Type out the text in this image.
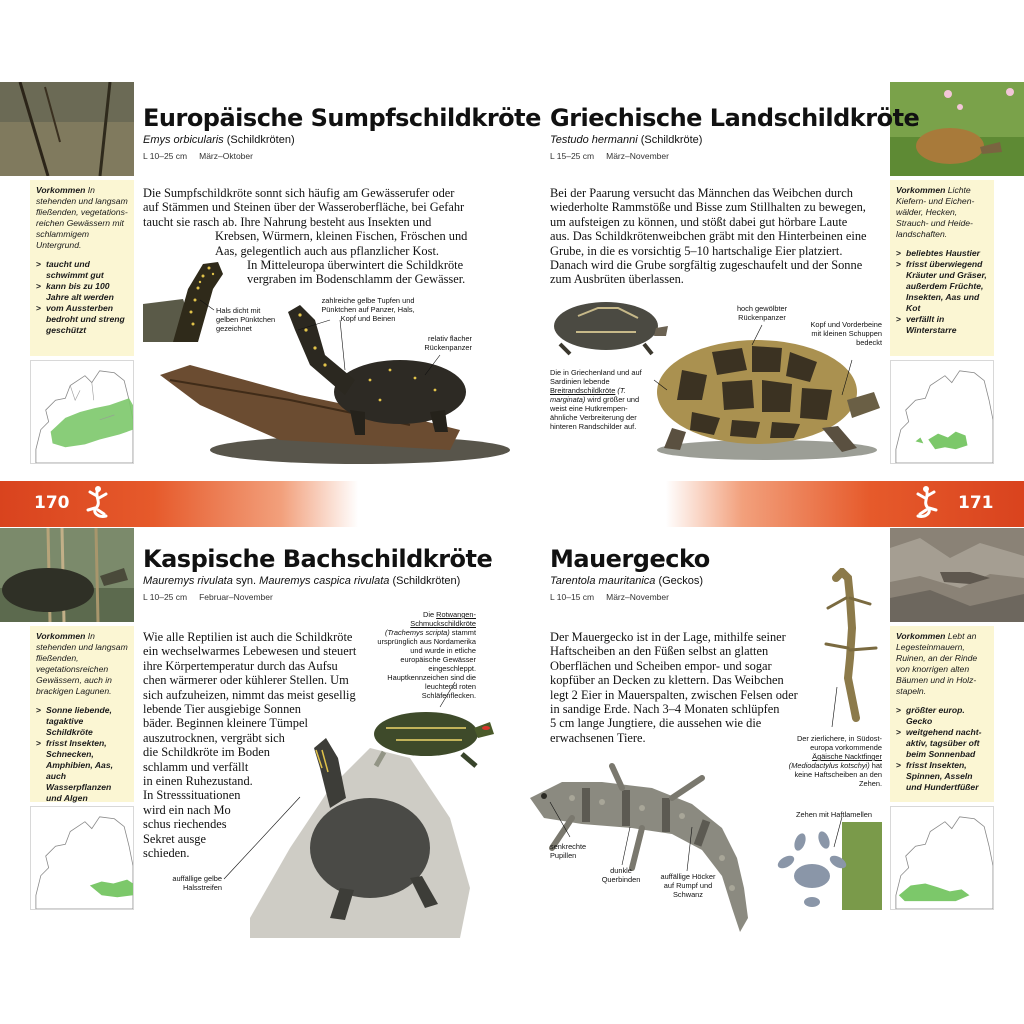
Vorkommen In stehenden und langsam fließenden, vegetationsreichen Gewässern mit schlammigem Untergrund.
> taucht und schwimmt gut
> kann bis zu 100 Jahre alt werden
> vom Aussterben bedroht und streng geschützt
Europäische Sumpfschildkröte
Emys orbicularis (Schildkröten)
L 10–25 cm März–Oktober
Die Sumpfschildkröte sonnt sich häufig am Gewässerufer oder
auf Stämmen und Steinen über der Wasseroberfläche, bei Gefahr
taucht sie rasch ab. Ihre Nahrung besteht aus Insekten und
Krebsen, Würmern, kleinen Fischen, Fröschen und
Aas, gelegentlich auch aus pflanzlicher Kost.
In Mitteleuropa überwintert die Schildkröte
vergraben im Bodenschlamm der Gewässer.
Hals dicht mit gelben Pünktchen gezeichnet
zahlreiche gelbe Tupfen und Pünktchen auf Panzer, Hals, Kopf und Beinen
relativ flacher Rückenpanzer
Vorkommen Lichte Kiefern- und Eichenwälder, Hecken, Strauch- und Heidelandschaften.
> beliebtes Haustier
> frisst überwiegend Kräuter und Gräser, außerdem Früchte, Insekten, Aas und Kot
> verfällt in Winterstarre
Griechische Landschildkröte
Testudo hermanni (Schildkröte)
L 15–25 cm März–November
Bei der Paarung versucht das Männchen das Weibchen durch
wiederholte Rammstöße und Bisse zum Stillhalten zu bewegen,
um aufsteigen zu können, und stößt dabei gut hörbare Laute
aus. Das Schildkrötenweibchen gräbt mit den Hinterbeinen eine
Grube, in die es vorsichtig 5–10 hartschalige Eier platziert.
Danach wird die Grube sorgfältig zugeschaufelt und der Sonne
zum Ausbrüten überlassen.
Die in Griechenland und auf Sardinien lebende Breitrandschildkröte (T. marginata) wird größer und weist eine Hutkrempen-ähnliche Verbreiterung der hinteren Randschilder auf.
hoch gewölbter Rückenpanzer
Kopf und Vorderbeine mit kleinen Schuppen bedeckt
170	171
Vorkommen In stehenden und langsam fließenden, vegetationsreichen Gewässern, auch in brackigen Lagunen.
> Sonne liebende, tagaktive Schildkröte
> frisst Insekten, Schnecken, Amphibien, Aas, auch Wasserpflanzen und Algen
>
Kaspische Bachschildkröte
Mauremys rivulata syn. Mauremys caspica rivulata (Schildkröten)
L 10–25 cm Februar–November
Wie alle Reptilien ist auch die Schildkröte
ein wechselwarmes Lebewesen und steuert
ihre Körpertemperatur durch das Aufsu
chen wärmerer oder kühlerer Stellen. Um
sich aufzuheizen, nimmt das meist gesellig
lebende Tier ausgiebige Sonnen
bäder. Beginnen kleinere Tümpel
auszutrocknen, vergräbt sich
die Schildkröte im Boden
schlamm und verfällt
in einen Ruhezustand.
In Stresssituationen
wird ein nach Mo
schus riechendes
Sekret ausge
schieden.
Die Rotwangen-Schmuckschildkröte (Trachemys scripta) stammt ursprünglich aus Nordamerika und wurde in etliche europäische Gewässer eingeschleppt. Hauptkennzeichen sind die leuchtend roten Schläfenflecken.
auffällige gelbe Halsstreifen
Vorkommen Lebt an Legesteinmauern, Ruinen, an der Rinde von knorrigen alten Bäumen und in Holzstapeln.
> größter europ. Gecko
> weitgehend nachtaktiv, tagsüber oft beim Sonnenbad
> frisst Insekten, Spinnen, Asseln und Hundertfüßer
Mauergecko
Tarentola mauritanica (Geckos)
L 10–15 cm März–November
Der Mauergecko ist in der Lage, mithilfe seiner
Haftscheiben an den Füßen selbst an glatten
Oberflächen und Scheiben empor- und sogar
kopfüber an Decken zu klettern. Das Weibchen
legt 2 Eier in Mauerspalten, zwischen Felsen oder
in sandige Erde. Nach 3–4 Monaten schlüpfen
5 cm lange Jungtiere, die aussehen wie die
erwachsenen Tiere.	Der zierlichere, in Südosteuropa vorkommende Ägäische Nacktfinger (Mediodactylus kotschyi) hat keine Haftscheiben an den Zehen.
Zehen mit Haftlamellen
senkrechte Pupillen
dunkle Querbinden	auffällige Höcker auf Rumpf und Schwanz
